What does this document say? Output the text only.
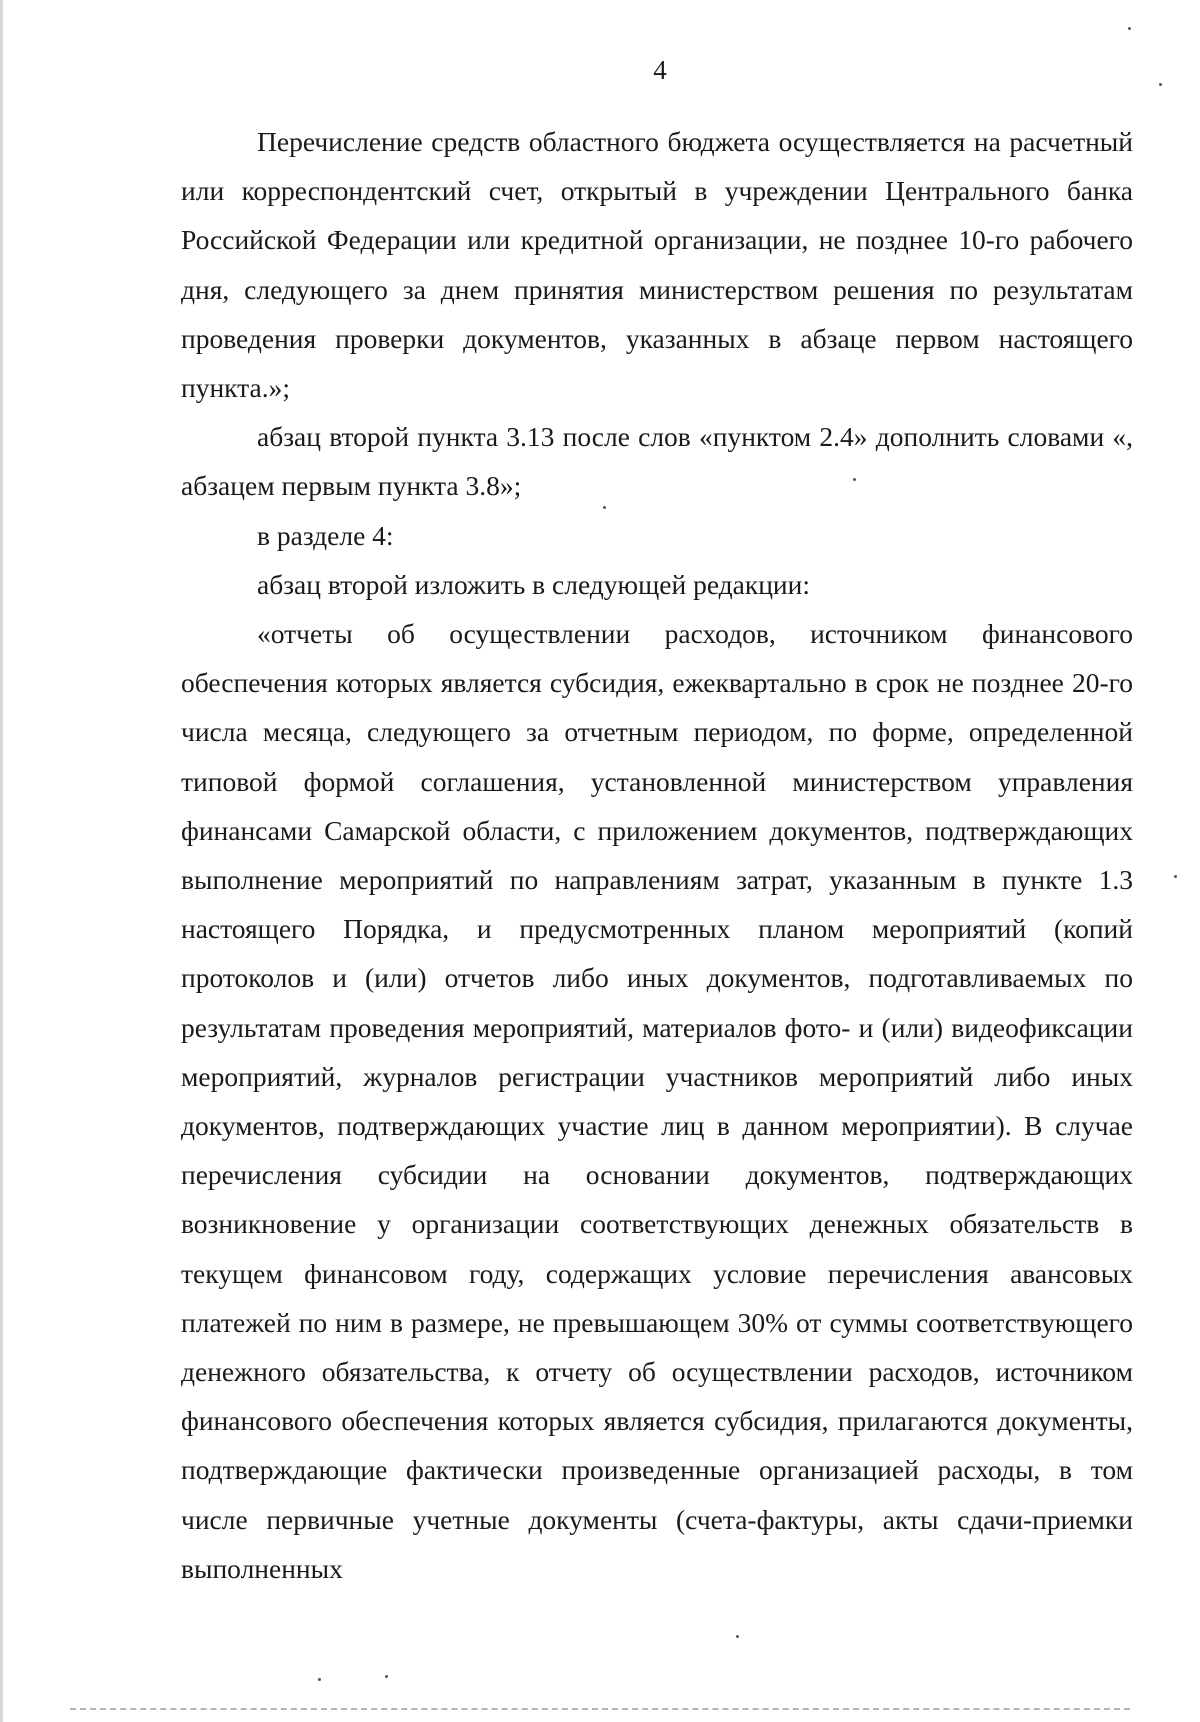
4

Перечисление средств областного бюджета осуществляется на расчетный или корреспондентский счет, открытый в учреждении Центрального банка Российской Федерации или кредитной организации, не позднее 10-го рабочего дня, следующего за днем принятия министерством решения по результатам проведения проверки документов, указанных в абзаце первом настоящего пункта.»;

абзац второй пункта 3.13 после слов «пунктом 2.4» дополнить словами «, абзацем первым пункта 3.8»;

в разделе 4:

абзац второй изложить в следующей редакции:

«отчеты об осуществлении расходов, источником финансового обеспечения которых является субсидия, ежеквартально в срок не позднее 20-го числа месяца, следующего за отчетным периодом, по форме, определенной типовой формой соглашения, установленной министерством управления финансами Самарской области, с приложением документов, подтверждающих выполнение мероприятий по направлениям затрат, указанным в пункте 1.3 настоящего Порядка, и предусмотренных планом мероприятий (копий протоколов и (или) отчетов либо иных документов, подготавливаемых по результатам проведения мероприятий, материалов фото- и (или) видеофиксации мероприятий, журналов регистрации участников мероприятий либо иных документов, подтверждающих участие лиц в данном мероприятии). В случае перечисления субсидии на основании документов, подтверждающих возникновение у организации соответствующих денежных обязательств в текущем финансовом году, содержащих условие перечисления авансовых платежей по ним в размере, не превышающем 30% от суммы соответствующего денежного обязательства, к отчету об осуществлении расходов, источником финансового обеспечения которых является субсидия, прилагаются документы, подтверждающие фактически произведенные организацией расходы, в том числе первичные учетные документы (счета-фактуры, акты сдачи-приемки выполненных
